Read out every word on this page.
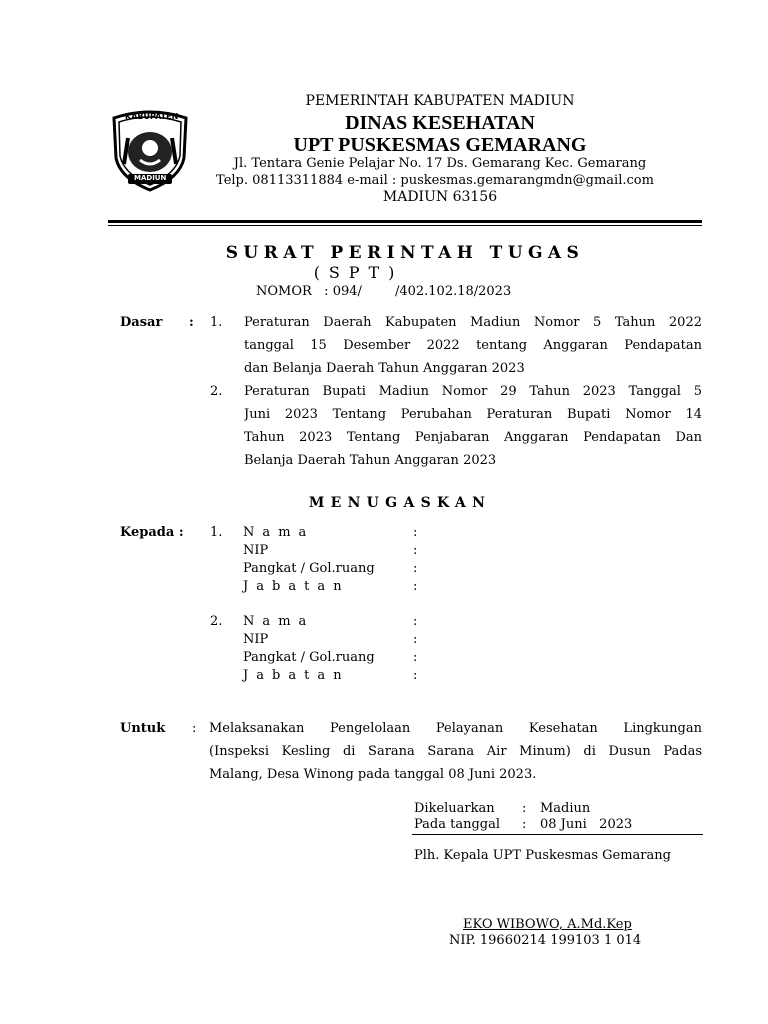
KABUPATEN
MADIUN
PEMERINTAH KABUPATEN MADIUN
DINAS KESEHATAN
UPT PUSKESMAS GEMARANG
Jl. Tentara Genie Pelajar No. 17 Ds. Gemarang Kec. Gemarang
Telp. 08113311884 e-mail : puskesmas.gemarangmdn@gmail.com
MADIUN 63156
SURAT PERINTAH TUGAS
( S P T )
NOMOR   : 094/        /402.102.18/2023
Dasar : 1. Peraturan Daerah Kabupaten Madiun Nomor 5 Tahun 2022
tanggal 15 Desember 2022 tentang Anggaran Pendapatan
dan Belanja Daerah Tahun Anggaran 2023
2. Peraturan Bupati Madiun Nomor 29 Tahun 2023 Tanggal 5
Juni 2023 Tentang Perubahan Peraturan Bupati Nomor 14
Tahun 2023 Tentang Penjabaran Anggaran Pendapatan Dan
Belanja Daerah Tahun Anggaran 2023
MENUGASKAN
Kepada : 1. N a m a
NIP
Pangkat / Gol.ruang
J a b a t a n
:
:
:
:
2. N a m a
NIP
Pangkat / Gol.ruang
J a b a t a n
:
:
:
:
Untuk : Melaksanakan Pengelolaan Pelayanan Kesehatan Lingkungan
(Inspeksi Kesling di Sarana Sarana Air Minum) di Dusun Padas
Malang, Desa Winong pada tanggal 08 Juni 2023.
Dikeluarkan : Madiun
Pada tanggal : 08 Juni   2023
Plh. Kepala UPT Puskesmas Gemarang
EKO WIBOWO, A.Md.Kep
NIP. 19660214 199103 1 014
